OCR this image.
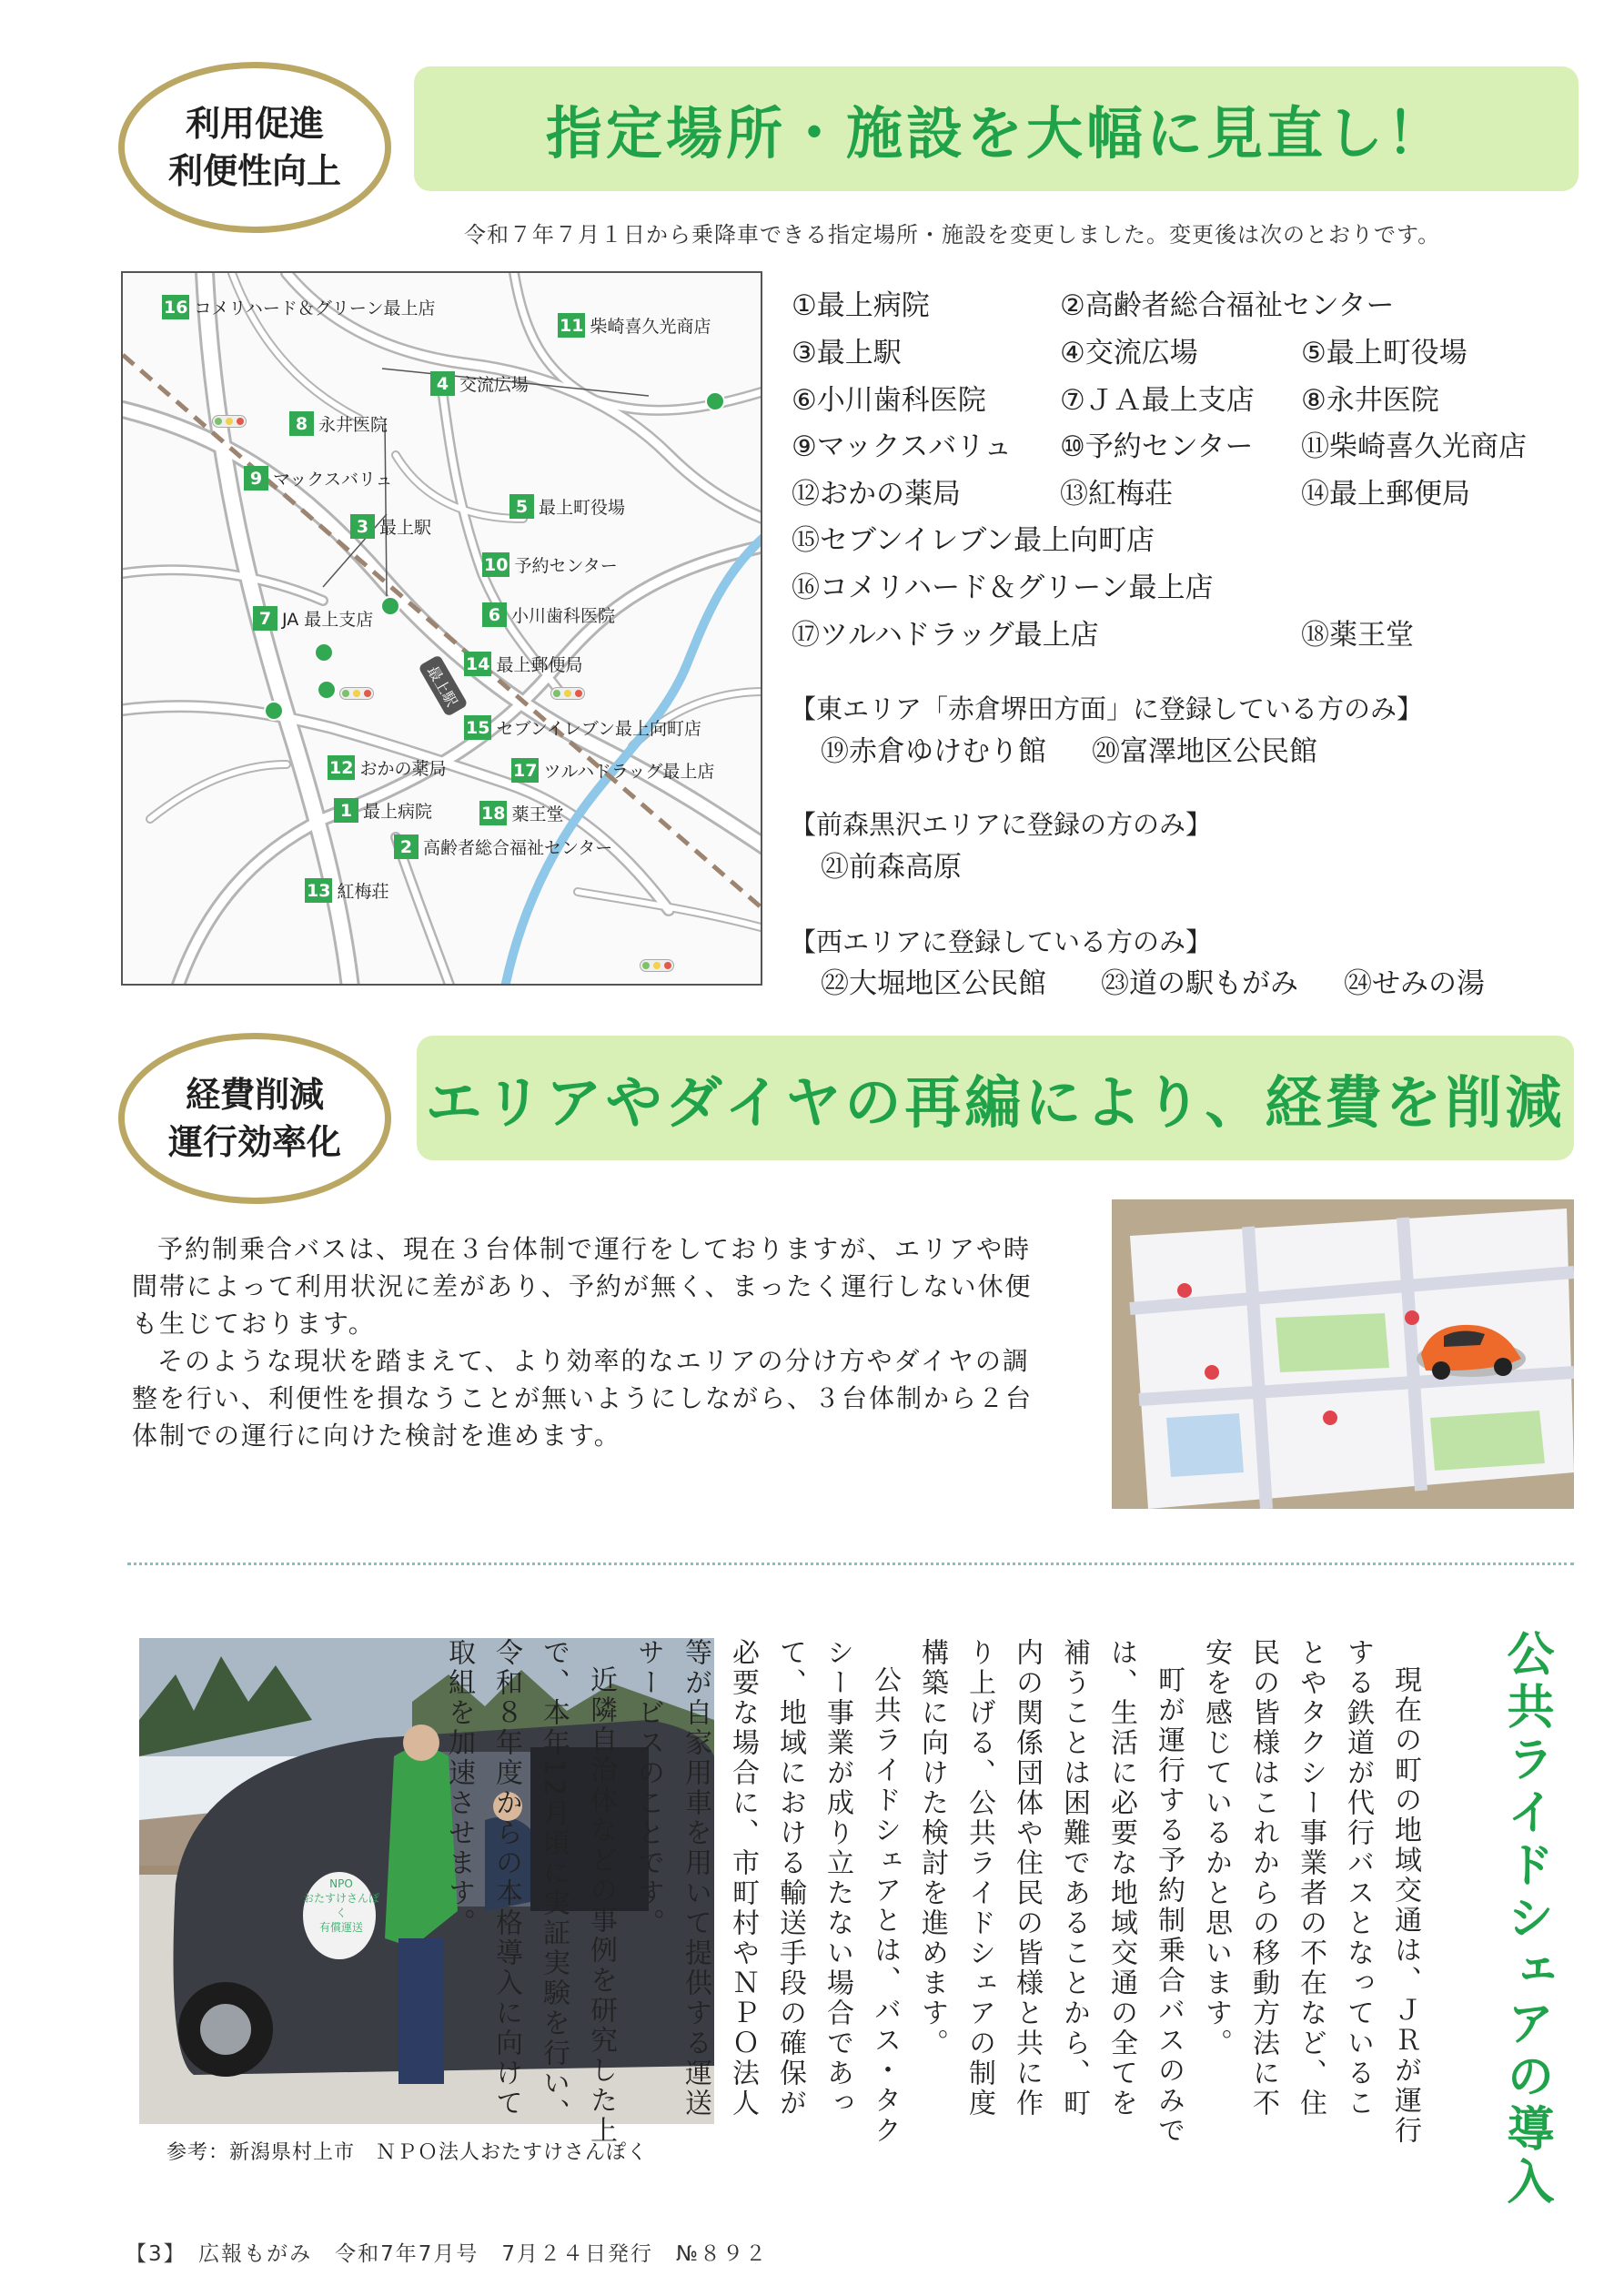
利用促進
利便性向上
指定場所・施設を大幅に見直し！
令和７年７月１日から乗降車できる指定場所・施設を変更しました。変更後は次のとおりです。
最上駅
16 コメリハード＆グリーン最上店
11 柴崎喜久光商店
4 交流広場
8 永井医院
9 マックスバリュ
5 最上町役場
3 最上駅
10 予約センター
6 小川歯科医院
7 JA 最上支店
14 最上郵便局
15 セブンイレブン最上向町店
12 おかの薬局	17 ツルハドラッグ最上店
1 最上病院	18 薬王堂
2 高齢者総合福祉センター
13 紅梅荘
①最上病院	②高齢者総合福祉センター
③最上駅	④交流広場	⑤最上町役場
⑥小川歯科医院	⑦ＪＡ最上支店 ⑧永井医院
⑨マックスバリュ ⑩予約センター ⑪柴崎喜久光商店
⑫おかの薬局	⑬紅梅荘	⑭最上郵便局
⑮セブンイレブン最上向町店
⑯コメリハード＆グリーン最上店
⑰ツルハドラッグ最上店	⑱薬王堂
【東エリア「赤倉堺田方面」に登録している方のみ】
⑲赤倉ゆけむり館 ⑳富澤地区公民館
【前森黒沢エリアに登録の方のみ】
㉑前森高原
【西エリアに登録している方のみ】
㉒大堀地区公民館 ㉓道の駅もがみ ㉔せみの湯
経費削減
運行効率化
エリアやダイヤの再編により、経費を削減

予約制乗合バスは、現在３台体制で運行をしておりますが、エリアや時間帯によって利用状況に差があり、予約が無く、まったく運行しない休便も生じております。

そのような現状を踏まえて、より効率的なエリアの分け方やダイヤの調整を行い、利便性を損なうことが無いようにしながら、３台体制から２台体制での運行に向けた検討を進めます。

NPO
おたすけさんぽく
有償運送
参考：新潟県村上市　ＮＰＯ法人おたすけさんぽく	公共ライドシェアの導入

現在の町の地域交通は、ＪＲが運行する鉄道が代行バスとなっていることやタクシー事業者の不在など、住民の皆様はこれからの移動方法に不安を感じているかと思います。

町が運行する予約制乗合バスのみでは、生活に必要な地域交通の全てを補うことは困難であることから、町内の関係団体や住民の皆様と共に作り上げる、公共ライドシェアの制度構築に向けた検討を進めます。

公共ライドシェアとは、バス・タクシー事業が成り立たない場合であって、地域における輸送手段の確保が必要な場合に、市町村やＮＰＯ法人等が自家用車を用いて提供する運送サービスのことです。

近隣自治体などの事例を研究した上で、本年12月頃に実証実験を行い、令和８年度からの本格導入に向けて取組を加速させます。

【3】　広報もがみ　令和7年7月号　7月２４日発行　№８９２
